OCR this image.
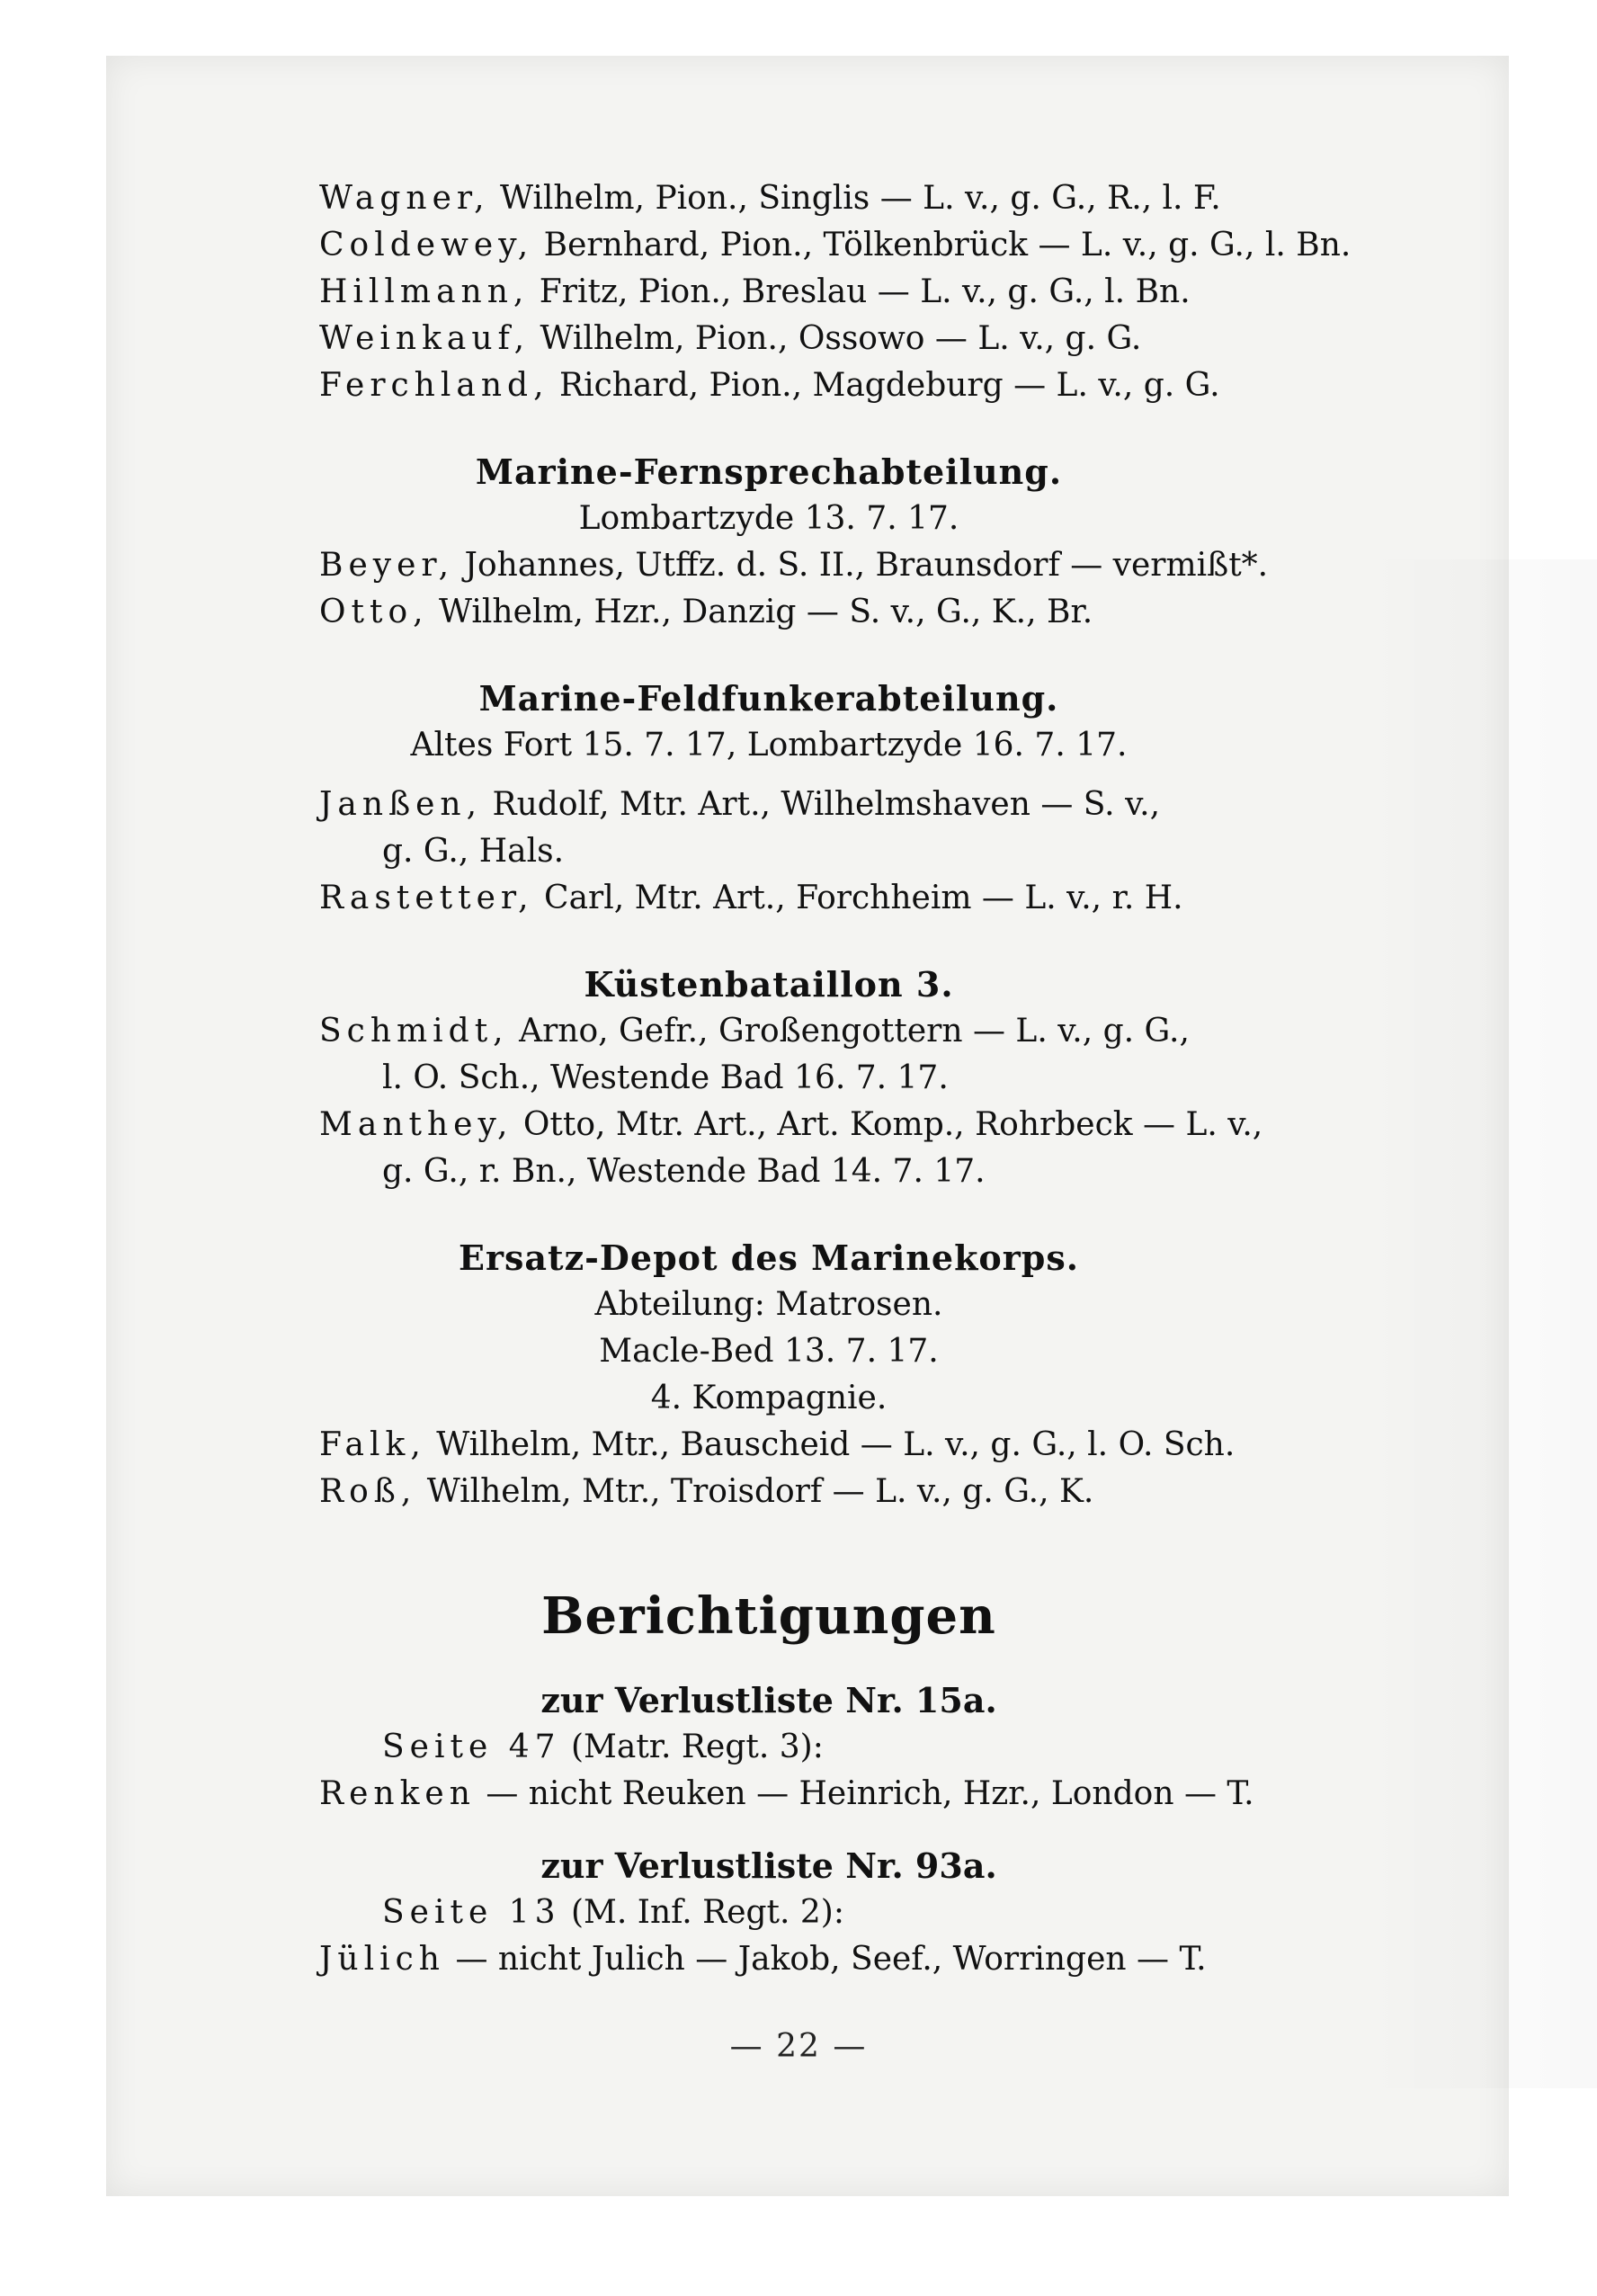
Wagner, Wilhelm, Pion., Singlis — L. v., g. G., R., l. F.
Coldewey, Bernhard, Pion., Tölkenbrück — L. v., g. G., l. Bn.
Hillmann, Fritz, Pion., Breslau — L. v., g. G., l. Bn.
Weinkauf, Wilhelm, Pion., Ossowo — L. v., g. G.
Ferchland, Richard, Pion., Magdeburg — L. v., g. G.
Marine-Fernsprechabteilung.
Lombartzyde 13. 7. 17.
Beyer, Johannes, Utffz. d. S. II., Braunsdorf — vermißt*.
Otto, Wilhelm, Hzr., Danzig — S. v., G., K., Br.
Marine-Feldfunkerabteilung.
Altes Fort 15. 7. 17, Lombartzyde 16. 7. 17.
Janßen, Rudolf, Mtr. Art., Wilhelmshaven — S. v.,
g. G., Hals.
Rastetter, Carl, Mtr. Art., Forchheim — L. v., r. H.
Küstenbataillon 3.
Schmidt, Arno, Gefr., Großengottern — L. v., g. G.,
l. O. Sch., Westende Bad 16. 7. 17.
Manthey, Otto, Mtr. Art., Art. Komp., Rohrbeck — L. v.,
g. G., r. Bn., Westende Bad 14. 7. 17.
Ersatz-Depot des Marinekorps.
Abteilung: Matrosen.
Macle-Bed 13. 7. 17.
4. Kompagnie.
Falk, Wilhelm, Mtr., Bauscheid — L. v., g. G., l. O. Sch.
Roß, Wilhelm, Mtr., Troisdorf — L. v., g. G., K.
Berichtigungen
zur Verlustliste Nr. 15a.
Seite 47 (Matr. Regt. 3):
Renken — nicht Reuken — Heinrich, Hzr., London — T.
zur Verlustliste Nr. 93a.
Seite 13 (M. Inf. Regt. 2):
Jülich — nicht Julich — Jakob, Seef., Worringen — T.
— 22 —
